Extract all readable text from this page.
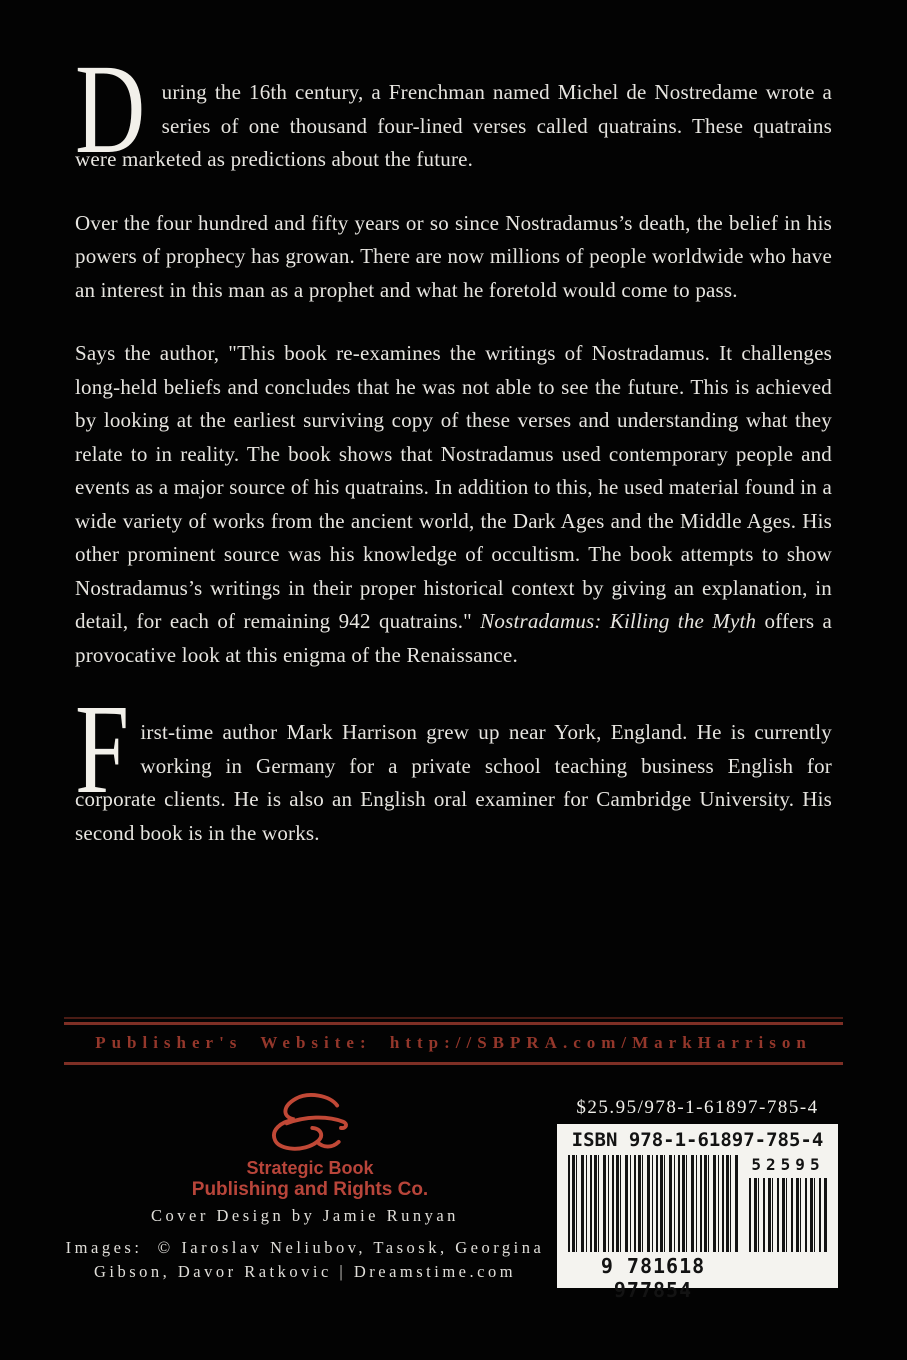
During the 16th century, a Frenchman named Michel de Nostredame wrote a series of one thousand four-lined verses called quatrains. These quatrains were marketed as predictions about the future.

Over the four hundred and fifty years or so since Nostradamus’s death, the belief in his powers of prophecy has growan. There are now millions of people worldwide who have an interest in this man as a prophet and what he foretold would come to pass.

Says the author, "This book re-examines the writings of Nostradamus. It challenges long-held beliefs and concludes that he was not able to see the future. This is achieved by looking at the earliest surviving copy of these verses and understanding what they relate to in reality. The book shows that Nostradamus used contemporary people and events as a major source of his quatrains. In addition to this, he used material found in a wide variety of works from the ancient world, the Dark Ages and the Middle Ages. His other prominent source was his knowledge of occultism. The book attempts to show Nostradamus’s writings in their proper historical context by giving an explanation, in detail, for each of remaining 942 quatrains." Nostradamus: Killing the Myth offers a provocative look at this enigma of the Renaissance.

First-time author Mark Harrison grew up near York, England. He is currently working in Germany for a private school teaching business English for corporate clients. He is also an English oral examiner for Cambridge University. His second book is in the works.

Publisher's Website: http://SBPRA.com/MarkHarrison
Strategic Book
Publishing and Rights Co.
$25.95/978-1-61897-785-4
ISBN 978-1-61897-785-4
9 781618 977854
52595
Cover Design by Jamie Runyan
Images:  © Iaroslav Neliubov, Tasosk, Georgina
Gibson, Davor Ratkovic | Dreamstime.com
